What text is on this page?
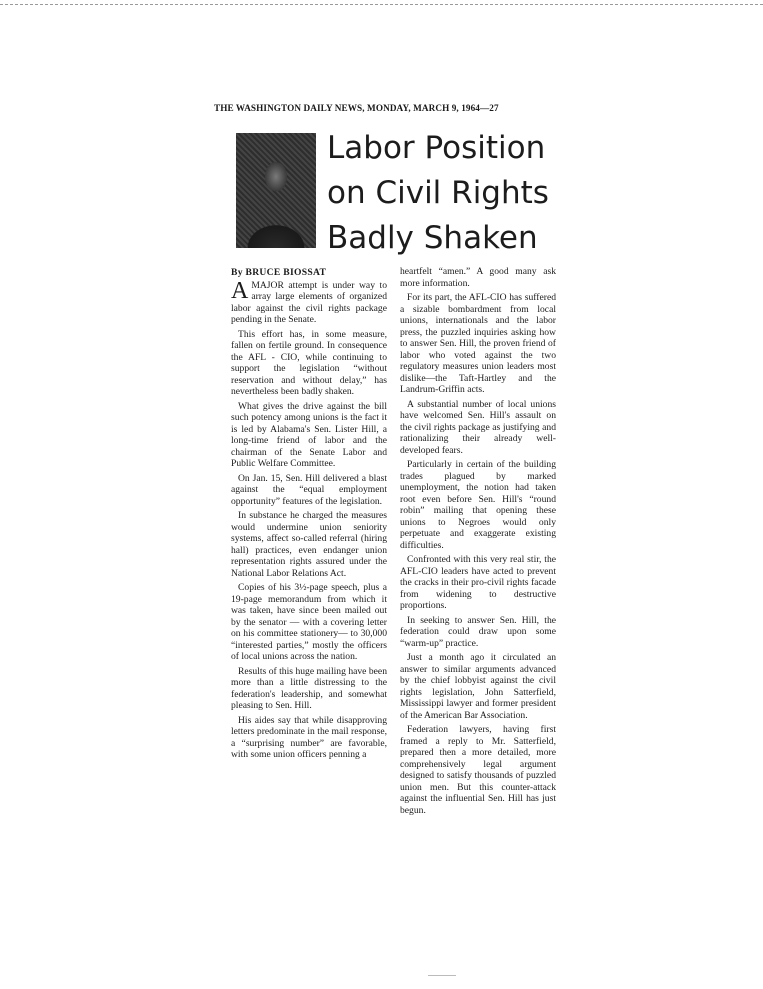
THE WASHINGTON DAILY NEWS, MONDAY, MARCH 9, 1964—27
Labor Position
on Civil Rights
Badly Shaken
By BRUCE BIOSSAT

AMAJOR attempt is under way to array large elements of organized labor against the civil rights package pending in the Senate.

This effort has, in some measure, fallen on fertile ground. In consequence the AFL - CIO, while continuing to support the legislation “without reservation and without delay,” has nevertheless been badly shaken.

What gives the drive against the bill such potency among unions is the fact it is led by Alabama's Sen. Lister Hill, a long-time friend of labor and the chairman of the Senate Labor and Public Welfare Committee.

On Jan. 15, Sen. Hill delivered a blast against the “equal employment opportunity” features of the legislation.

In substance he charged the measures would undermine union seniority systems, affect so-called referral (hiring hall) practices, even endanger union representation rights assured under the National Labor Relations Act.

Copies of his 3½-page speech, plus a 19-page memorandum from which it was taken, have since been mailed out by the senator — with a covering letter on his committee stationery— to 30,000 “interested parties,” mostly the officers of local unions across the nation.

Results of this huge mailing have been more than a little distressing to the federation's leadership, and somewhat pleasing to Sen. Hill.

His aides say that while disapproving letters predominate in the mail response, a “surprising number” are favorable, with some union officers penning a

heartfelt “amen.” A good many ask more information.

For its part, the AFL-CIO has suffered a sizable bombardment from local unions, internationals and the labor press, the puzzled inquiries asking how to answer Sen. Hill, the proven friend of labor who voted against the two regulatory measures union leaders most dislike—the Taft-Hartley and the Landrum-Griffin acts.

A substantial number of local unions have welcomed Sen. Hill's assault on the civil rights package as justifying and rationalizing their already well-developed fears.

Particularly in certain of the building trades plagued by marked unemployment, the notion had taken root even before Sen. Hill's “round robin” mailing that opening these unions to Negroes would only perpetuate and exaggerate existing difficulties.

Confronted with this very real stir, the AFL-CIO leaders have acted to prevent the cracks in their pro-civil rights facade from widening to destructive proportions.

In seeking to answer Sen. Hill, the federation could draw upon some “warm-up” practice.

Just a month ago it circulated an answer to similar arguments advanced by the chief lobbyist against the civil rights legislation, John Satterfield, Mississippi lawyer and former president of the American Bar Association.

Federation lawyers, having first framed a reply to Mr. Satterfield, prepared then a more detailed, more comprehensively legal argument designed to satisfy thousands of puzzled union men. But this counter-attack against the influential Sen. Hill has just begun.
